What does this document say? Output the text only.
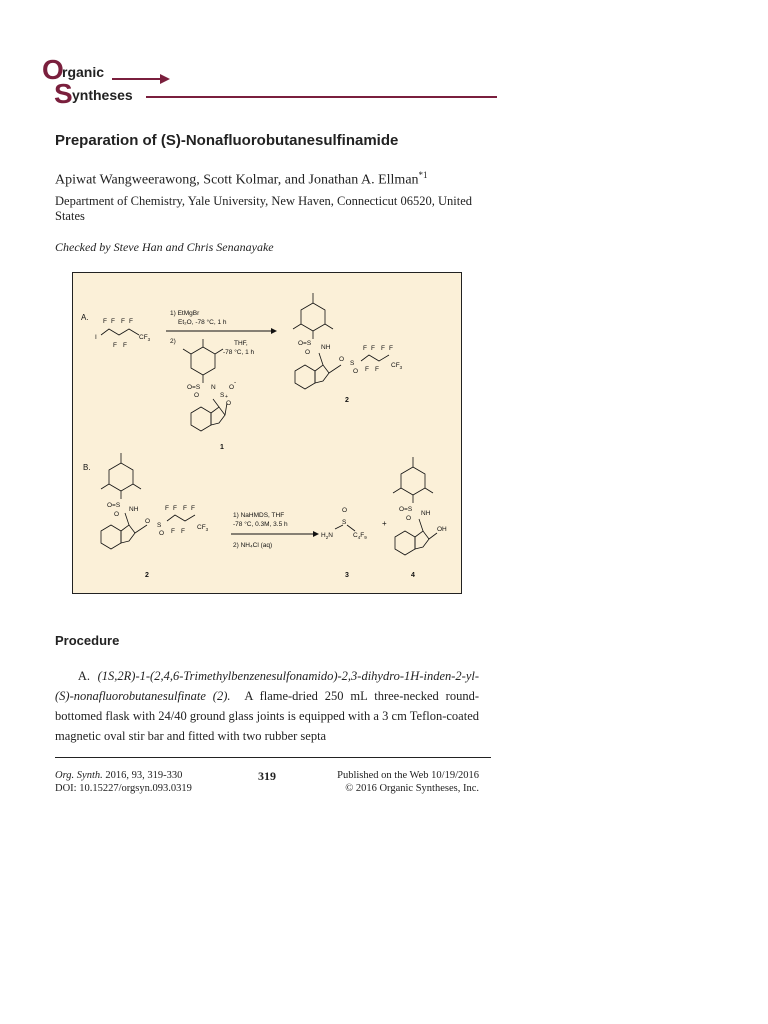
O
rganic
S yntheses
Preparation of (S)-Nonafluorobutanesulfinamide
Apiwat Wangweerawong, Scott Kolmar, and Jonathan A. Ellman$^{*1}$
Department of Chemistry, Yale University, New Haven, Connecticut 06520, United States
Checked by Steve Han and Chris Senanayake
A.
I
F F F F
F F
$CF_3$
1) EtMgBr
Et₂O, -78 °C, 1 h
2)	THF,
-78 °C, 1 h
O=S
O
N
S
O
-
O
+
1
O=S
O
NH
O
S
O
F F F F
F F
$CF_3$
2
B.
O=S
O
NH
O
S
O
F F F F
F F
$CF_3$
2
1) NaHMDS, THF
-78 °C, 0.3M, 3.5 h
2) NH₄Cl (aq)
O
S
$H_2N$	$C_4F_9$
3
+
O=S
O
NH
OH
4
Procedure
A. (1S,2R)-1-(2,4,6-Trimethylbenzenesulfonamido)-2,3-dihydro-1H-inden-2-yl-(S)-nonafluorobutanesulfinate (2). A flame-dried 250 mL three-necked round-bottomed flask with 24/40 ground glass joints is equipped with a 3 cm Teflon-coated magnetic oval stir bar and fitted with two rubber septa
Org. Synth. 2016, 93, 319-330
DOI: 10.15227/orgsyn.093.0319
319	Published on the Web 10/19/2016
© 2016 Organic Syntheses, Inc.
